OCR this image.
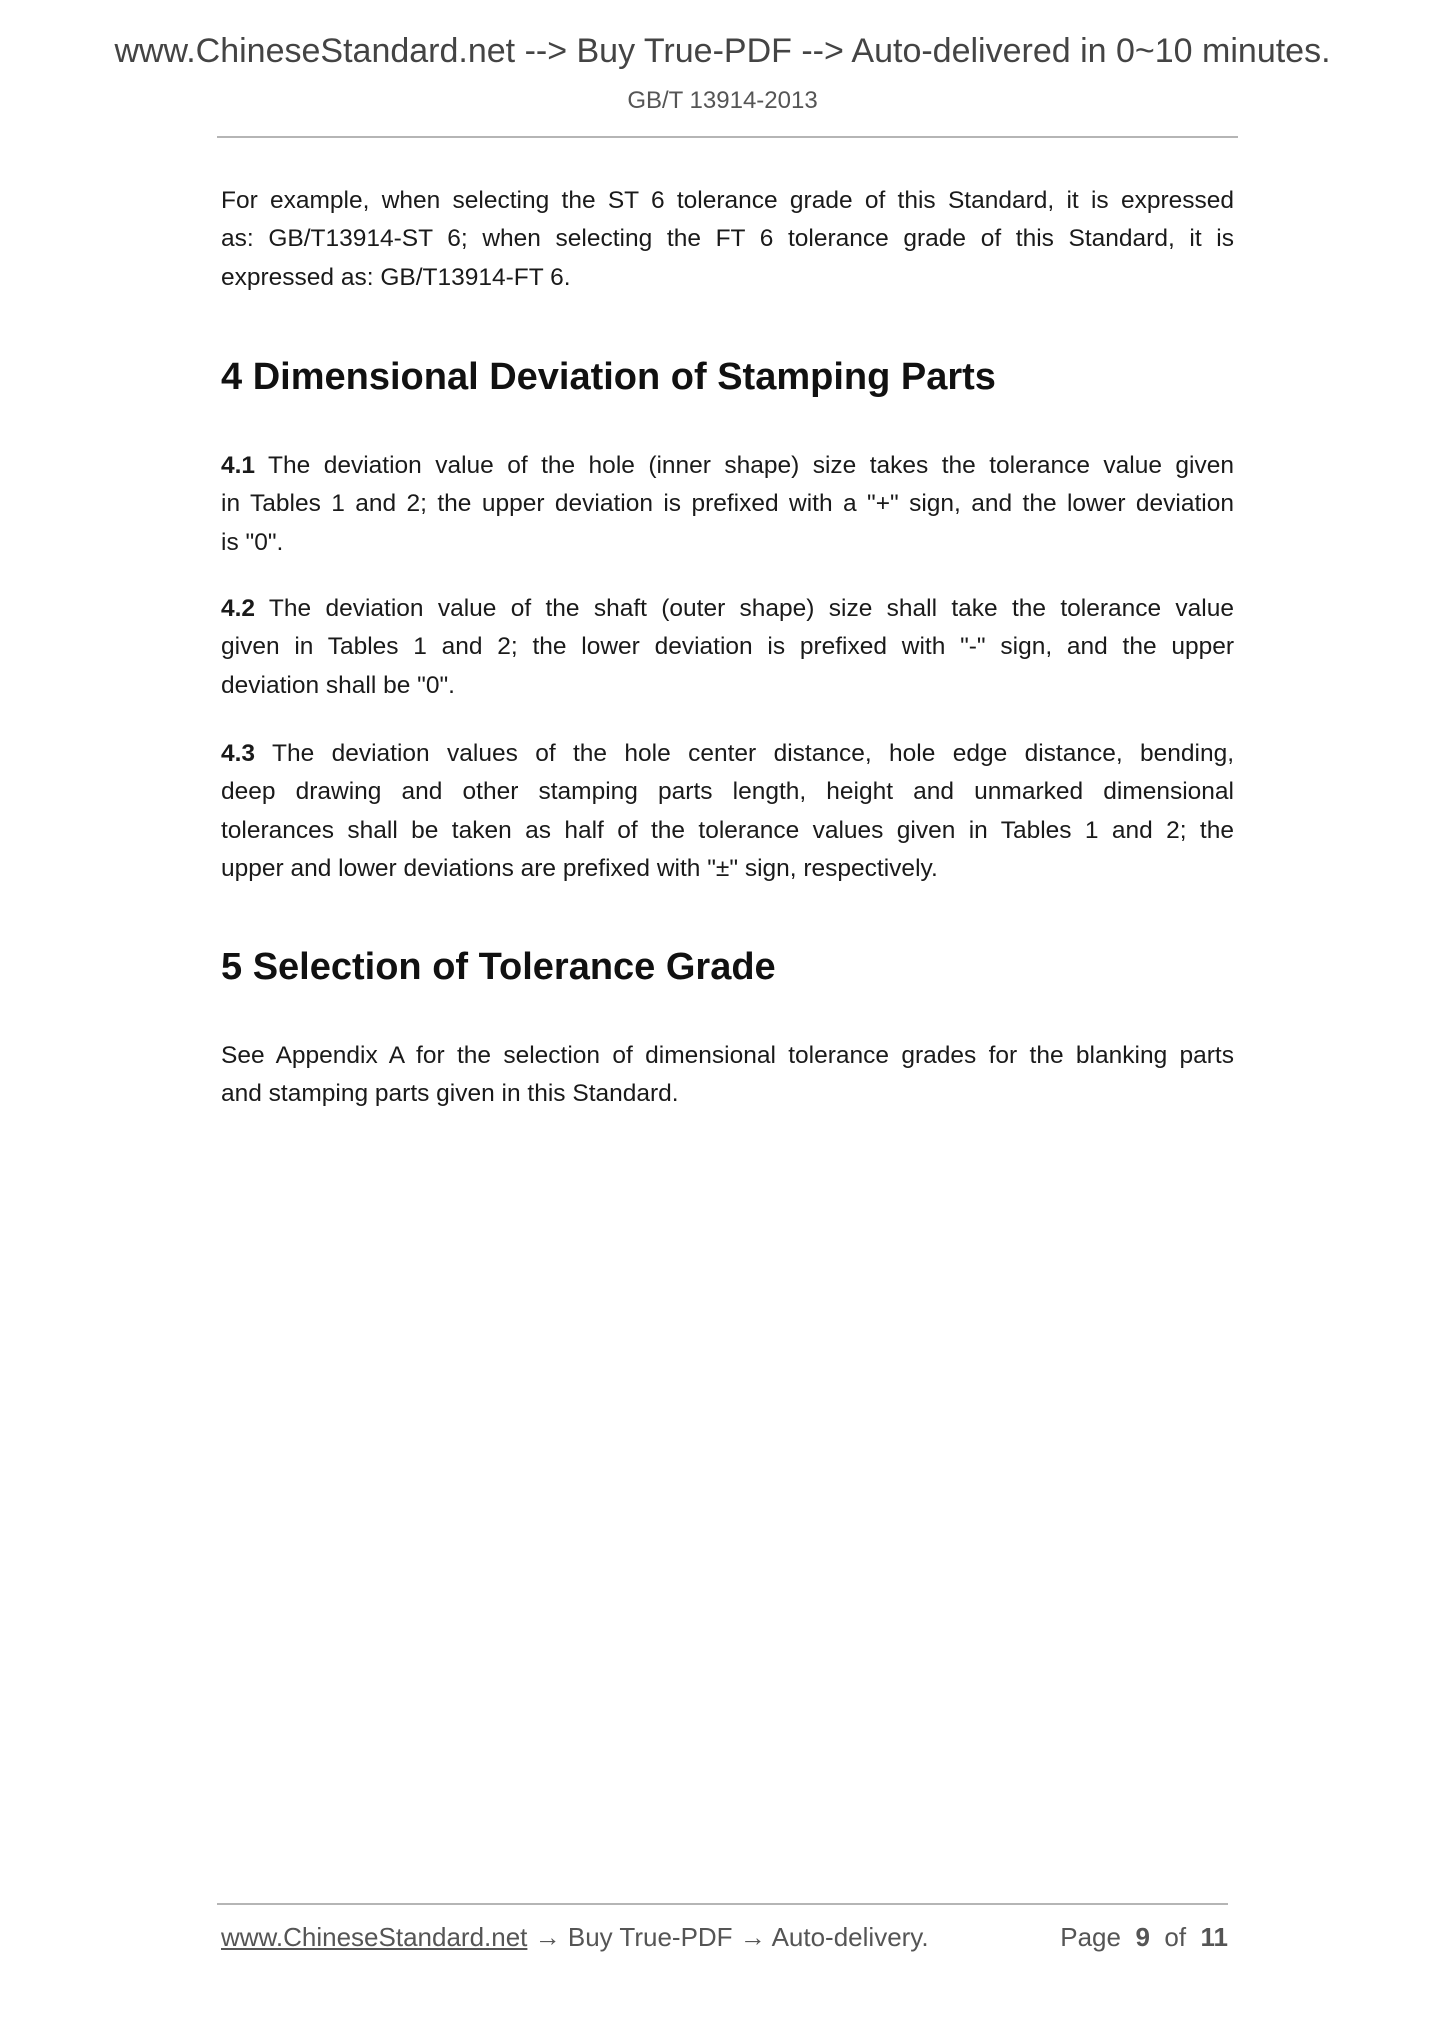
www.ChineseStandard.net --> Buy True-PDF --> Auto-delivered in 0~10 minutes.
GB/T 13914-2013
For example, when selecting the ST 6 tolerance grade of this Standard, it is expressed
as: GB/T13914-ST 6; when selecting the FT 6 tolerance grade of this Standard, it is
expressed as: GB/T13914-FT 6.
4 Dimensional Deviation of Stamping Parts
4.1 The deviation value of the hole (inner shape) size takes the tolerance value given
in Tables 1 and 2; the upper deviation is prefixed with a "+" sign, and the lower deviation
is "0".
4.2 The deviation value of the shaft (outer shape) size shall take the tolerance value
given in Tables 1 and 2; the lower deviation is prefixed with "-" sign, and the upper
deviation shall be "0".
4.3 The deviation values of the hole center distance, hole edge distance, bending,
deep drawing and other stamping parts length, height and unmarked dimensional
tolerances shall be taken as half of the tolerance values given in Tables 1 and 2; the
upper and lower deviations are prefixed with "±" sign, respectively.
5 Selection of Tolerance Grade
See Appendix A for the selection of dimensional tolerance grades for the blanking parts
and stamping parts given in this Standard.
www.ChineseStandard.net → Buy True-PDF → Auto-delivery.	Page 9 of 11
